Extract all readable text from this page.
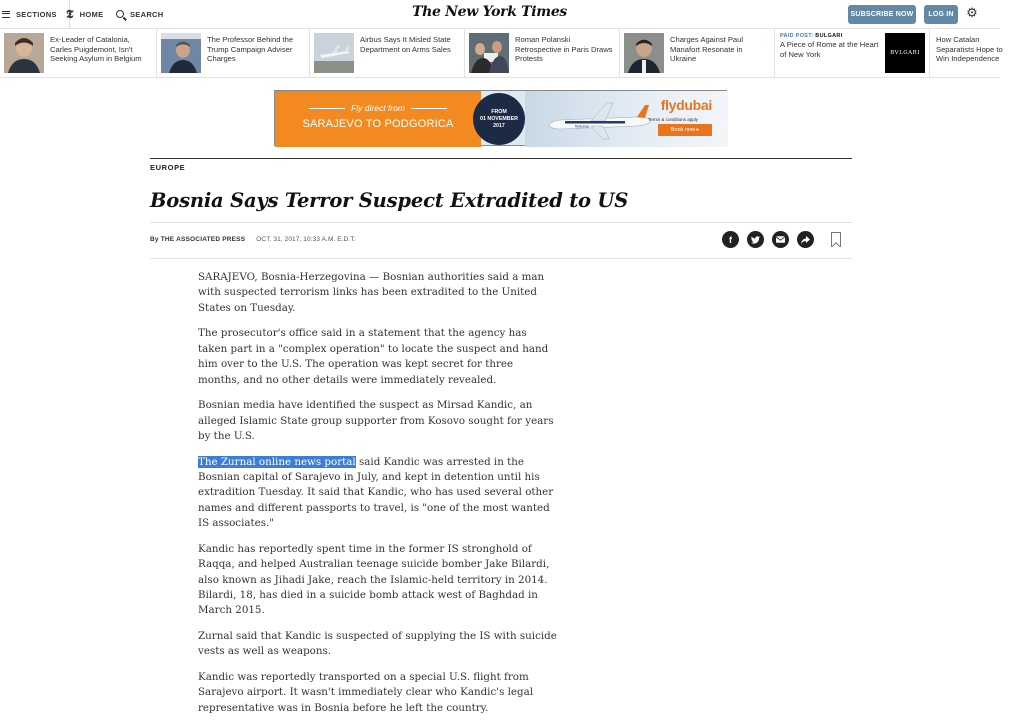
SECTIONS 𝕿 HOME	SEARCH	The New York Times	SUBSCRIBE NOW	LOG IN ⚙
Ex-Leader of Catalonia, Carles Puigdemont, Isn't Seeking Asylum in Belgium
The Professor Behind the Trump Campaign Adviser Charges
Airbus Says It Misled State Department on Arms Sales
Roman Polanski Retrospective in Paris Draws Protests
Charges Against Paul Manafort Resonate in Ukraine
PAID POST: BULGARI
A Piece of Rome at the Heart of New York	BVLGARI
How Catalan Separatists Hope to Win Independence
Fly direct from
SARAJEVO TO PODGORICA	flydubai
flydubai
Terms & conditions apply
Book now ▸
FROM
01 NOVEMBER
2017
EUROPE
Bosnia Says Terror Suspect Extradited to US
By THE ASSOCIATED PRESS OCT. 31, 2017, 10:33 A.M. E.D.T.	f

SARAJEVO, Bosnia-Herzegovina — Bosnian authorities said a man with suspected terrorism links has been extradited to the United States on Tuesday.

The prosecutor's office said in a statement that the agency has taken part in a "complex operation" to locate the suspect and hand him over to the U.S. The operation was kept secret for three months, and no other details were immediately revealed.

Bosnian media have identified the suspect as Mirsad Kandic, an alleged Islamic State group supporter from Kosovo sought for years by the U.S.

The Zurnal online news portal said Kandic was arrested in the Bosnian capital of Sarajevo in July, and kept in detention until his extradition Tuesday. It said that Kandic, who has used several other names and different passports to travel, is "one of the most wanted IS associates."

Kandic has reportedly spent time in the former IS stronghold of Raqqa, and helped Australian teenage suicide bomber Jake Bilardi, also known as Jihadi Jake, reach the Islamic-held territory in 2014. Bilardi, 18, has died in a suicide bomb attack west of Baghdad in March 2015.

Zurnal said that Kandic is suspected of supplying the IS with suicide vests as well as weapons.

Kandic was reportedly transported on a special U.S. flight from Sarajevo airport. It wasn't immediately clear who Kandic's legal representative was in Bosnia before he left the country.
